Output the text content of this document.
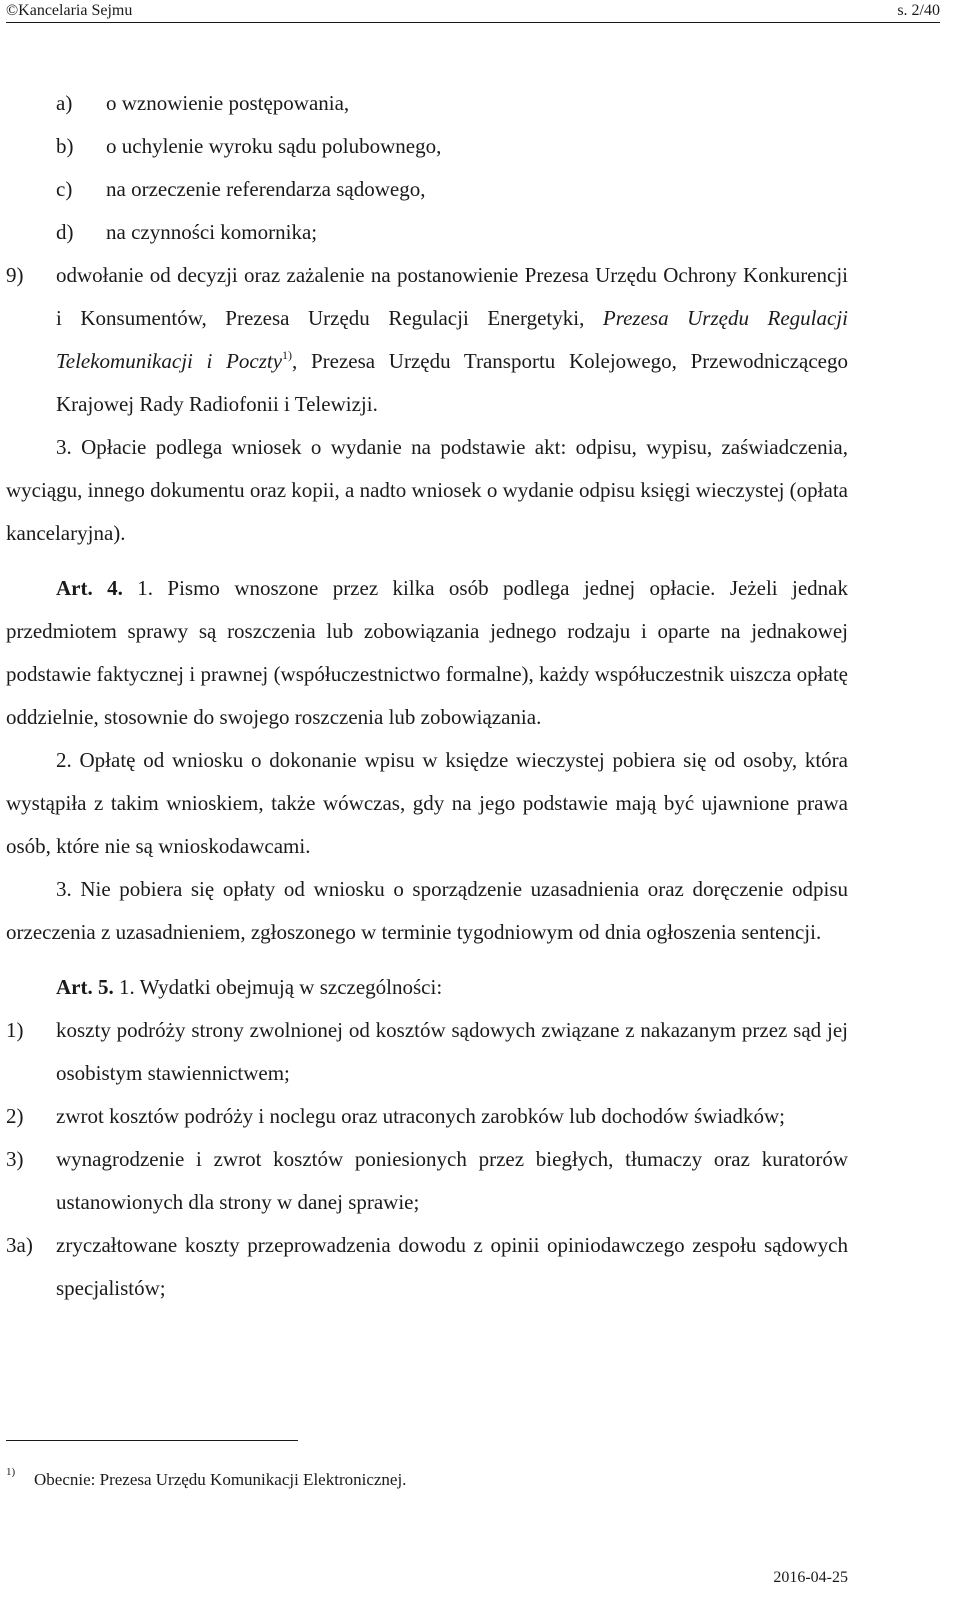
©Kancelaria Sejmu	s. 2/40
a) o wznowienie postępowania,
b) o uchylenie wyroku sądu polubownego,
c) na orzeczenie referendarza sądowego,
d) na czynności komornika;
9) odwołanie od decyzji oraz zażalenie na postanowienie Prezesa Urzędu Ochrony Konkurencji i Konsumentów, Prezesa Urzędu Regulacji Energetyki, Prezesa Urzędu Regulacji Telekomunikacji i Poczty$^{1)}$, Prezesa Urzędu Transportu Kolejowego, Przewodniczącego Krajowej Rady Radiofonii i Telewizji.
3. Opłacie podlega wniosek o wydanie na podstawie akt: odpisu, wypisu, zaświadczenia, wyciągu, innego dokumentu oraz kopii, a nadto wniosek o wydanie odpisu księgi wieczystej (opłata kancelaryjna).
Art. 4. 1. Pismo wnoszone przez kilka osób podlega jednej opłacie. Jeżeli jednak przedmiotem sprawy są roszczenia lub zobowiązania jednego rodzaju i oparte na jednakowej podstawie faktycznej i prawnej (współuczestnictwo formalne), każdy współuczestnik uiszcza opłatę oddzielnie, stosownie do swojego roszczenia lub zobowiązania.
2. Opłatę od wniosku o dokonanie wpisu w księdze wieczystej pobiera się od osoby, która wystąpiła z takim wnioskiem, także wówczas, gdy na jego podstawie mają być ujawnione prawa osób, które nie są wnioskodawcami.
3. Nie pobiera się opłaty od wniosku o sporządzenie uzasadnienia oraz doręczenie odpisu orzeczenia z uzasadnieniem, zgłoszonego w terminie tygodniowym od dnia ogłoszenia sentencji.
Art. 5. 1. Wydatki obejmują w szczególności:
1) koszty podróży strony zwolnionej od kosztów sądowych związane z nakazanym przez sąd jej osobistym stawiennictwem;
2) zwrot kosztów podróży i noclegu oraz utraconych zarobków lub dochodów świadków;
3) wynagrodzenie i zwrot kosztów poniesionych przez biegłych, tłumaczy oraz kuratorów ustanowionych dla strony w danej sprawie;
3a) zryczałtowane koszty przeprowadzenia dowodu z opinii opiniodawczego zespołu sądowych specjalistów;
1) Obecnie: Prezesa Urzędu Komunikacji Elektronicznej.
2016-04-25
